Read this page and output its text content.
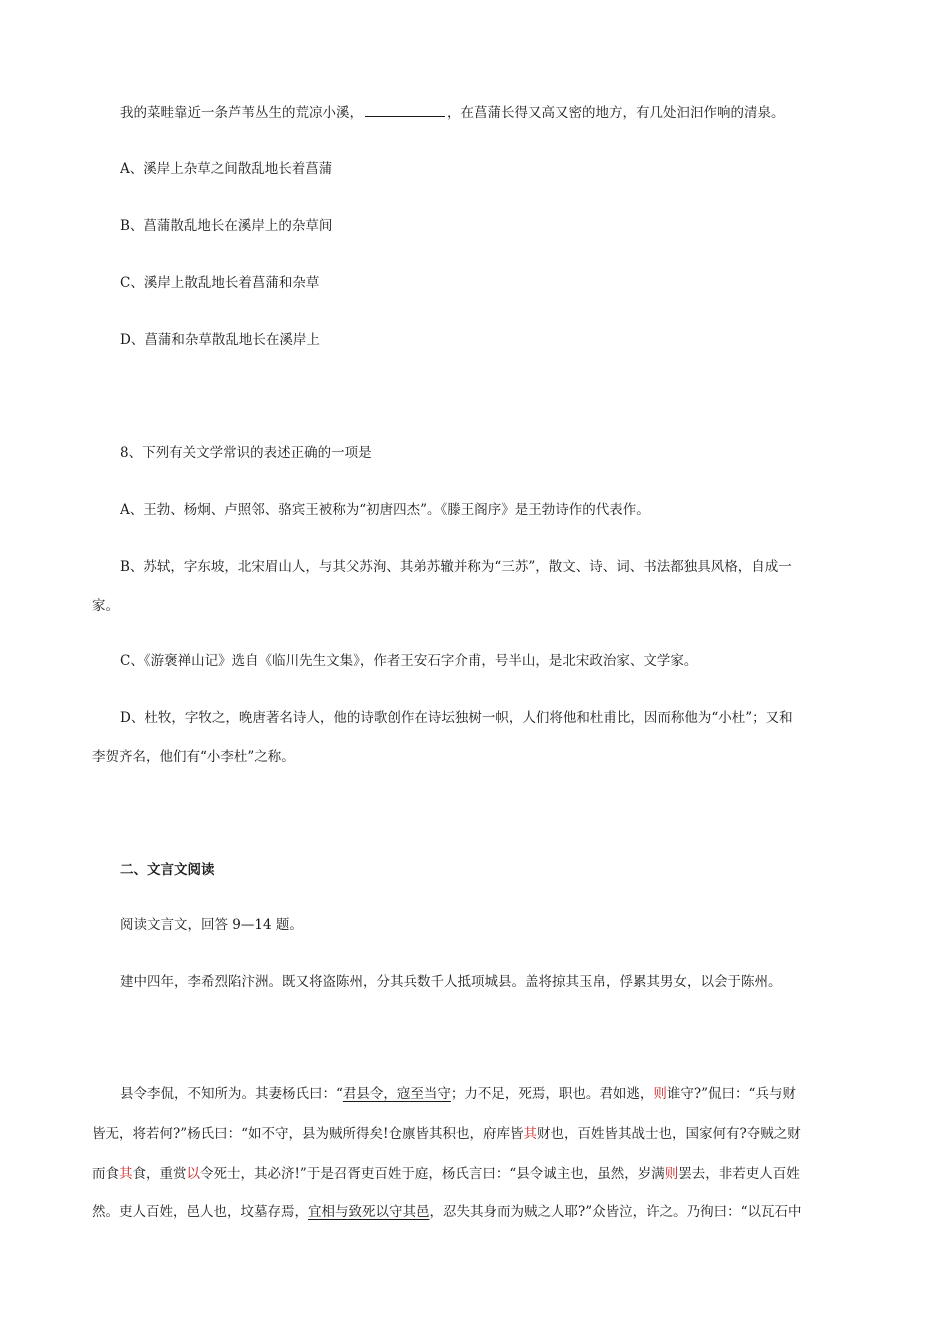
我的菜畦靠近一条芦苇丛生的荒凉小溪，	，在菖蒲长得又高又密的地方，有几处汩汩作响的清泉。
A、溪岸上杂草之间散乱地长着菖蒲
B、菖蒲散乱地长在溪岸上的杂草间
C、溪岸上散乱地长着菖蒲和杂草
D、菖蒲和杂草散乱地长在溪岸上
8、下列有关文学常识的表述正确的一项是
A、王勃、杨炯、卢照邻、骆宾王被称为“初唐四杰”。《滕王阁序》是王勃诗作的代表作。
B、苏轼，字东坡，北宋眉山人，与其父苏洵、其弟苏辙并称为“三苏”，散文、诗、词、书法都独具风格，自成一
家。
C、《游褒禅山记》选自《临川先生文集》，作者王安石字介甫，号半山，是北宋政治家、文学家。
D、杜牧，字牧之，晚唐著名诗人，他的诗歌创作在诗坛独树一帜，人们将他和杜甫比，因而称他为“小杜”；又和
李贺齐名，他们有“小李杜”之称。
二、文言文阅读
阅读文言文，回答 9—14 题。
建中四年，李希烈陷汴洲。既又将盗陈州，分其兵数千人抵项城县。盖将掠其玉帛，俘累其男女，以会于陈州。
县令李侃，不知所为。其妻杨氏曰：“君县令，寇至当守；力不足，死焉，职也。君如逃，则谁守?”侃曰：“兵与财
皆无，将若何?”杨氏曰：“如不守，县为贼所得矣!仓廪皆其积也，府库皆其财也，百姓皆其战士也，国家何有?夺贼之财
而食其食，重赏以令死士，其必济!”于是召胥吏百姓于庭，杨氏言曰：“县令诚主也，虽然，岁满则罢去，非若吏人百姓
然。吏人百姓，邑人也，坟墓存焉，宜相与致死以守其邑，忍失其身而为贼之人耶?”众皆泣，许之。乃徇曰：“以瓦石中
